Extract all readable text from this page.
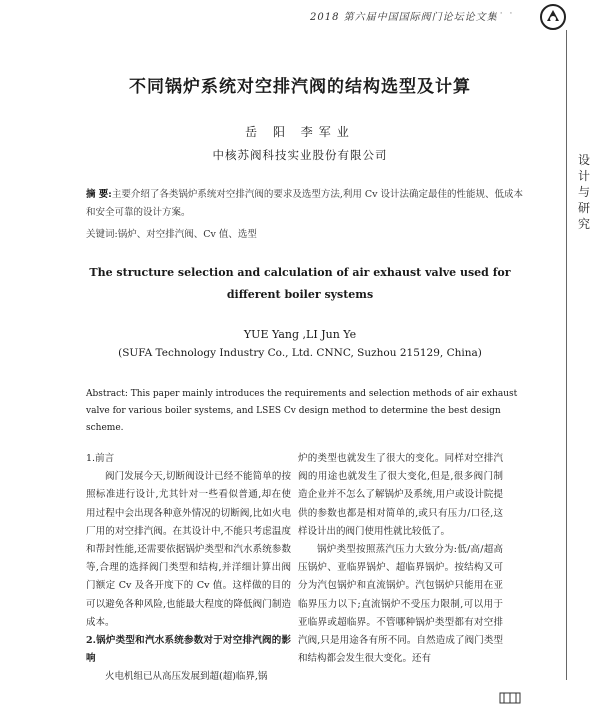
2018 第六届中国国际阀门论坛论文集
· · ·
设计与研究
不同锅炉系统对空排汽阀的结构选型及计算
岳 阳 李军业
中核苏阀科技实业股份有限公司
摘 要:主要介绍了各类锅炉系统对空排汽阀的要求及选型方法,利用 Cv 设计法确定最佳的性能规、低成本和安全可靠的设计方案。
关键词:锅炉、对空排汽阀、Cv 值、选型
The structure selection and calculation of air exhaust valve used for
different boiler systems
YUE Yang ,LI Jun Ye
(SUFA Technology Industry Co., Ltd. CNNC, Suzhou 215129, China)
Abstract: This paper mainly introduces the requirements and selection methods of air exhaust valve for various boiler systems, and LSES Cv design method to determine the best design scheme.

1.前言

阀门发展今天,切断阀设计已经不能简单的按照标准进行设计,尤其针对一些看似普通,却在使用过程中会出现各种意外情况的切断阀,比如火电厂用的对空排汽阀。在其设计中,不能只考虑温度和帮封性能,还需要依据锅炉类型和汽水系统参数等,合理的选择阀门类型和结构,并洋细计算出阀门额定 Cv 及各开度下的 Cv 值。这样做的目的可以避免各种风险,也能最大程度的降低阀门制造成本。

2.锅炉类型和汽水系统参数对于对空排汽阀的影响

火电机组已从高压发展到超(超)临界,锅

炉的类型也就发生了很大的变化。同样对空排汽阀的用途也就发生了很大变化,但是,很多阀门制造企业并不怎么了解锅炉及系统,用户或设计院提供的参数也都是相对简单的,或只有压力/口径,这样设计出的阀门使用性就比较低了。

锅炉类型按照蒸汽压力大致分为:低/高/超高压锅炉、亚临界锅炉、超临界锅炉。按结构又可分为汽包锅炉和直流锅炉。汽包锅炉只能用在亚临界压力以下;直流锅炉不受压力限制,可以用于亚临界或超临界。不管哪种锅炉类型都有对空排汽阀,只是用途各有所不同。自然造成了阀门类型和结构都会发生很大变化。还有
